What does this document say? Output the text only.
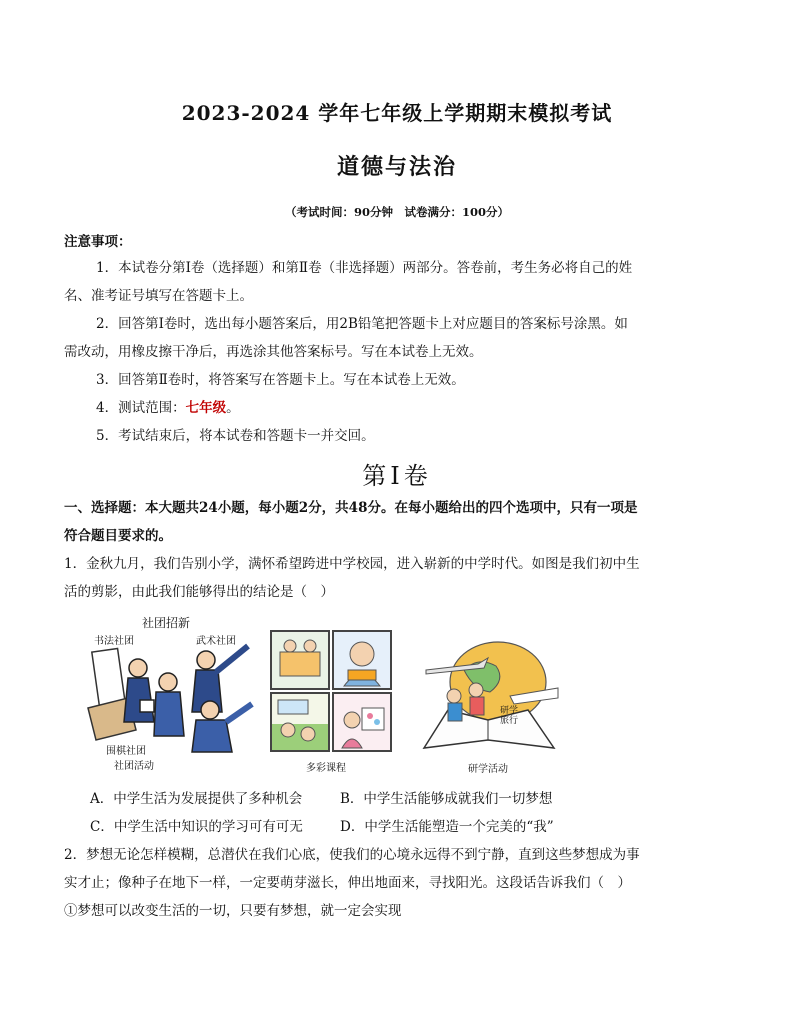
2023-2024 学年七年级上学期期末模拟考试
道德与法治
（考试时间：90分钟　试卷满分：100分）
注意事项：
1．本试卷分第Ⅰ卷（选择题）和第Ⅱ卷（非选择题）两部分。答卷前，考生务必将自己的姓
名、准考证号填写在答题卡上。
2．回答第Ⅰ卷时，选出每小题答案后，用2B铅笔把答题卡上对应题目的答案标号涂黑。如
需改动，用橡皮擦干净后，再选涂其他答案标号。写在本试卷上无效。
3．回答第Ⅱ卷时，将答案写在答题卡上。写在本试卷上无效。
4．测试范围：七年级。
5．考试结束后，将本试卷和答题卡一并交回。
第Ⅰ卷
一、选择题：本大题共24小题，每小题2分，共48分。在每小题给出的四个选项中，只有一项是
符合题目要求的。
1．金秋九月，我们告别小学，满怀希望跨进中学校园，进入崭新的中学时代。如图是我们初中生
活的剪影，由此我们能够得出的结论是（　）
社团招新
书法社团	武术社团
围棋社团
社团活动	多彩课程
研学旅行
研学活动
A．中学生活为发展提供了多种机会	B．中学生活能够成就我们一切梦想
C．中学生活中知识的学习可有可无	D．中学生活能塑造一个完美的“我”
2．梦想无论怎样模糊，总潜伏在我们心底，使我们的心境永远得不到宁静，直到这些梦想成为事
实才止；像种子在地下一样，一定要萌芽滋长，伸出地面来，寻找阳光。这段话告诉我们（　）
①梦想可以改变生活的一切，只要有梦想，就一定会实现
